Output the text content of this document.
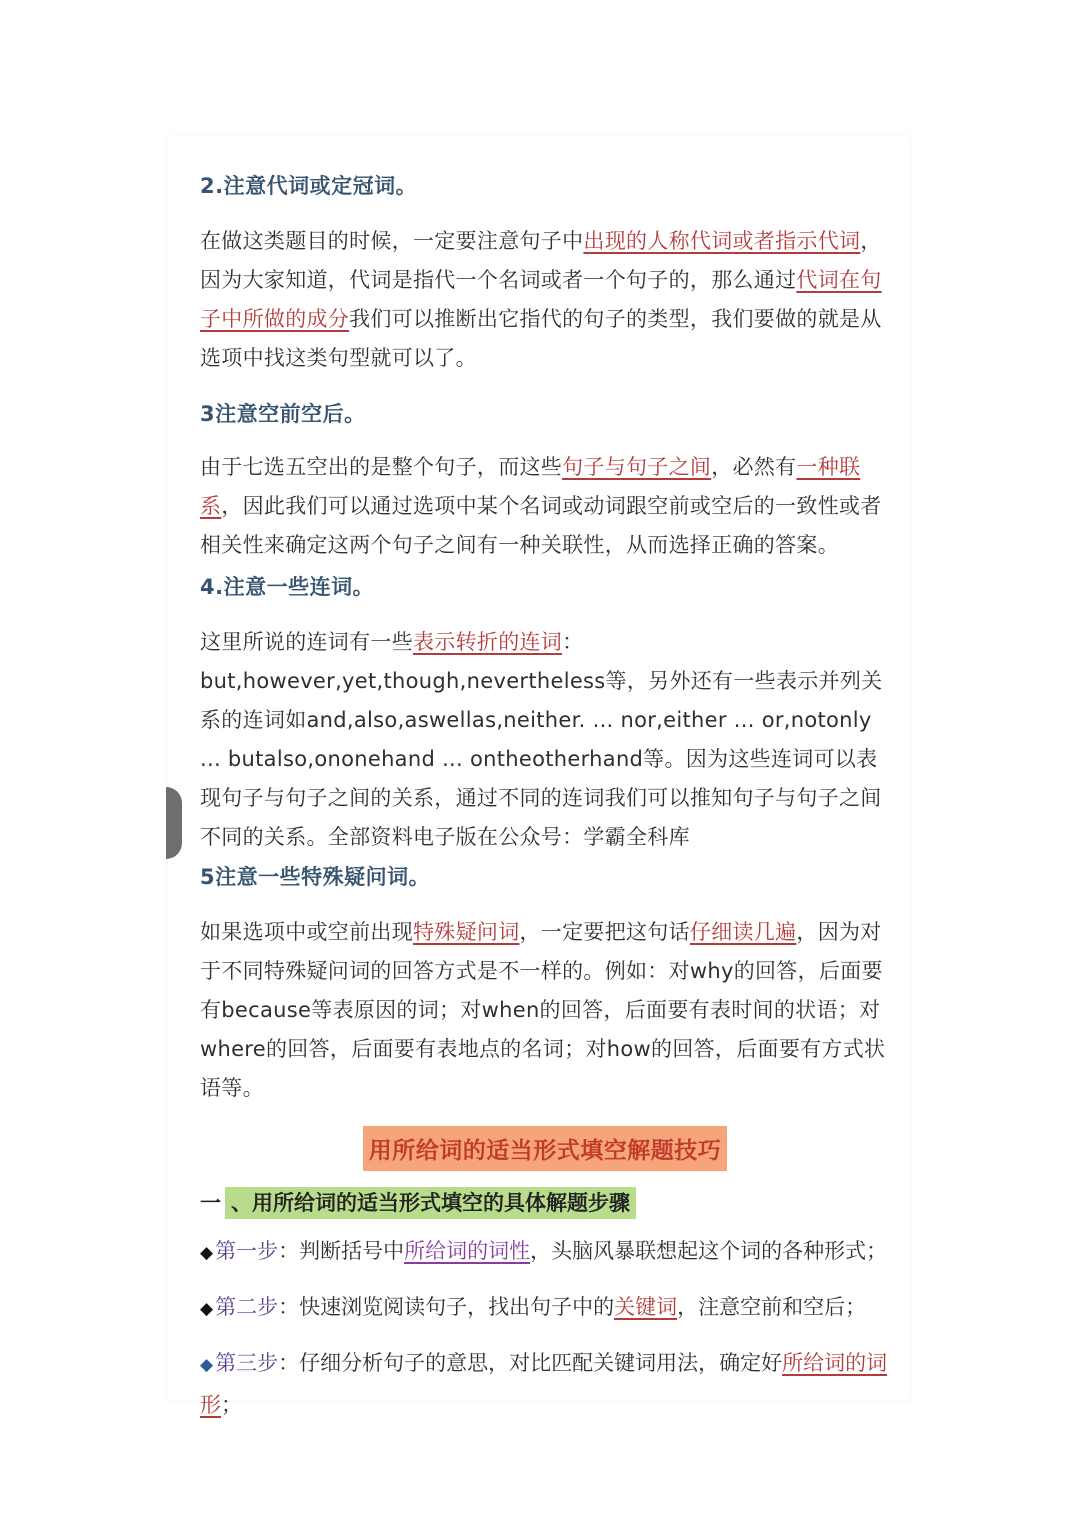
2.注意代词或定冠词。

在做这类题目的时候，一定要注意句子中出现的人称代词或者指示代词，因为大家知道，代词是指代一个名词或者一个句子的，那么通过代词在句子中所做的成分我们可以推断出它指代的句子的类型，我们要做的就是从选项中找这类句型就可以了。

3注意空前空后。

由于七选五空出的是整个句子，而这些句子与句子之间，必然有一种联系，因此我们可以通过选项中某个名词或动词跟空前或空后的一致性或者相关性来确定这两个句子之间有一种关联性，从而选择正确的答案。

4.注意一些连词。

这里所说的连词有一些表示转折的连词：but,however,yet,though,nevertheless等，另外还有一些表示并列关系的连词如and,also,aswellas,neither. ... nor,either ... or,notonly ... butalso,ononehand ... ontheotherhand等。因为这些连词可以表现句子与句子之间的关系，通过不同的连词我们可以推知句子与句子之间不同的关系。全部资料电子版在公众号：学霸全科库

5注意一些特殊疑问词。

如果选项中或空前出现特殊疑问词，一定要把这句话仔细读几遍，因为对于不同特殊疑问词的回答方式是不一样的。例如：对why的回答，后面要有because等表原因的词；对when的回答，后面要有表时间的状语；对where的回答，后面要有表地点的名词；对how的回答，后面要有方式状语等。

用所给词的适当形式填空解题技巧
一 、用所给词的适当形式填空的具体解题步骤

◆第一步：判断括号中所给词的词性，头脑风暴联想起这个词的各种形式；

◆第二步：快速浏览阅读句子，找出句子中的关键词，注意空前和空后；

◆第三步：仔细分析句子的意思，对比匹配关键词用法，确定好所给词的词形；
